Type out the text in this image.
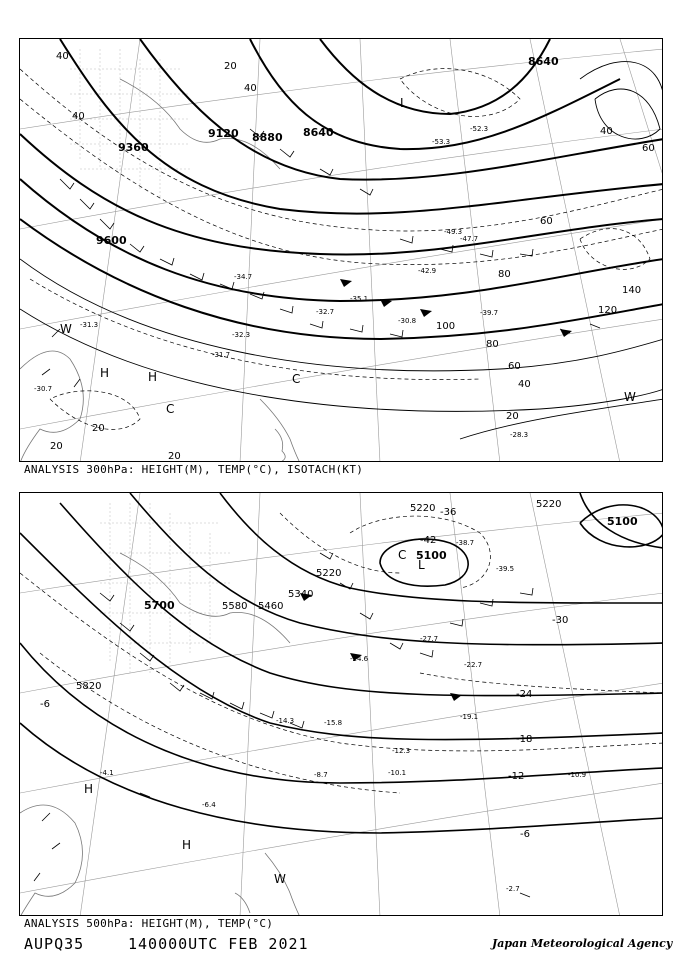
9120 8880 8640
9360
9600
8640
40
40
20
40
60
40
60
80
120
140
100
80
60
40
20
20
20
20
L
H	H	C
C
W
W
-52.3
-53.3
-47.7
-49.3
-35.1
-30.8
-32.7	-39.7
-31.7
-32.3
-28.3
-30.7
-31.3
-34.7
-42.9
ANALYSIS 300hPa: HEIGHT(M), TEMP(°C), ISOTACH(KT)
5100
5100
5220
5220
5340
5460
5580
5700
5820
5220
-42
-36
-30
-24
-18
-12
-6
-6
L
C
H
H
W
-38.7
-39.5
-27.7
-22.7
-19.1
-12.3
-10.1	-10.9
-8.7
-6.4
-4.1
-2.7
-14.3	-15.8
-24.6
ANALYSIS 500hPa: HEIGHT(M), TEMP(°C)
AUPQ35	140000UTC FEB 2021	Japan Meteorological Agency
